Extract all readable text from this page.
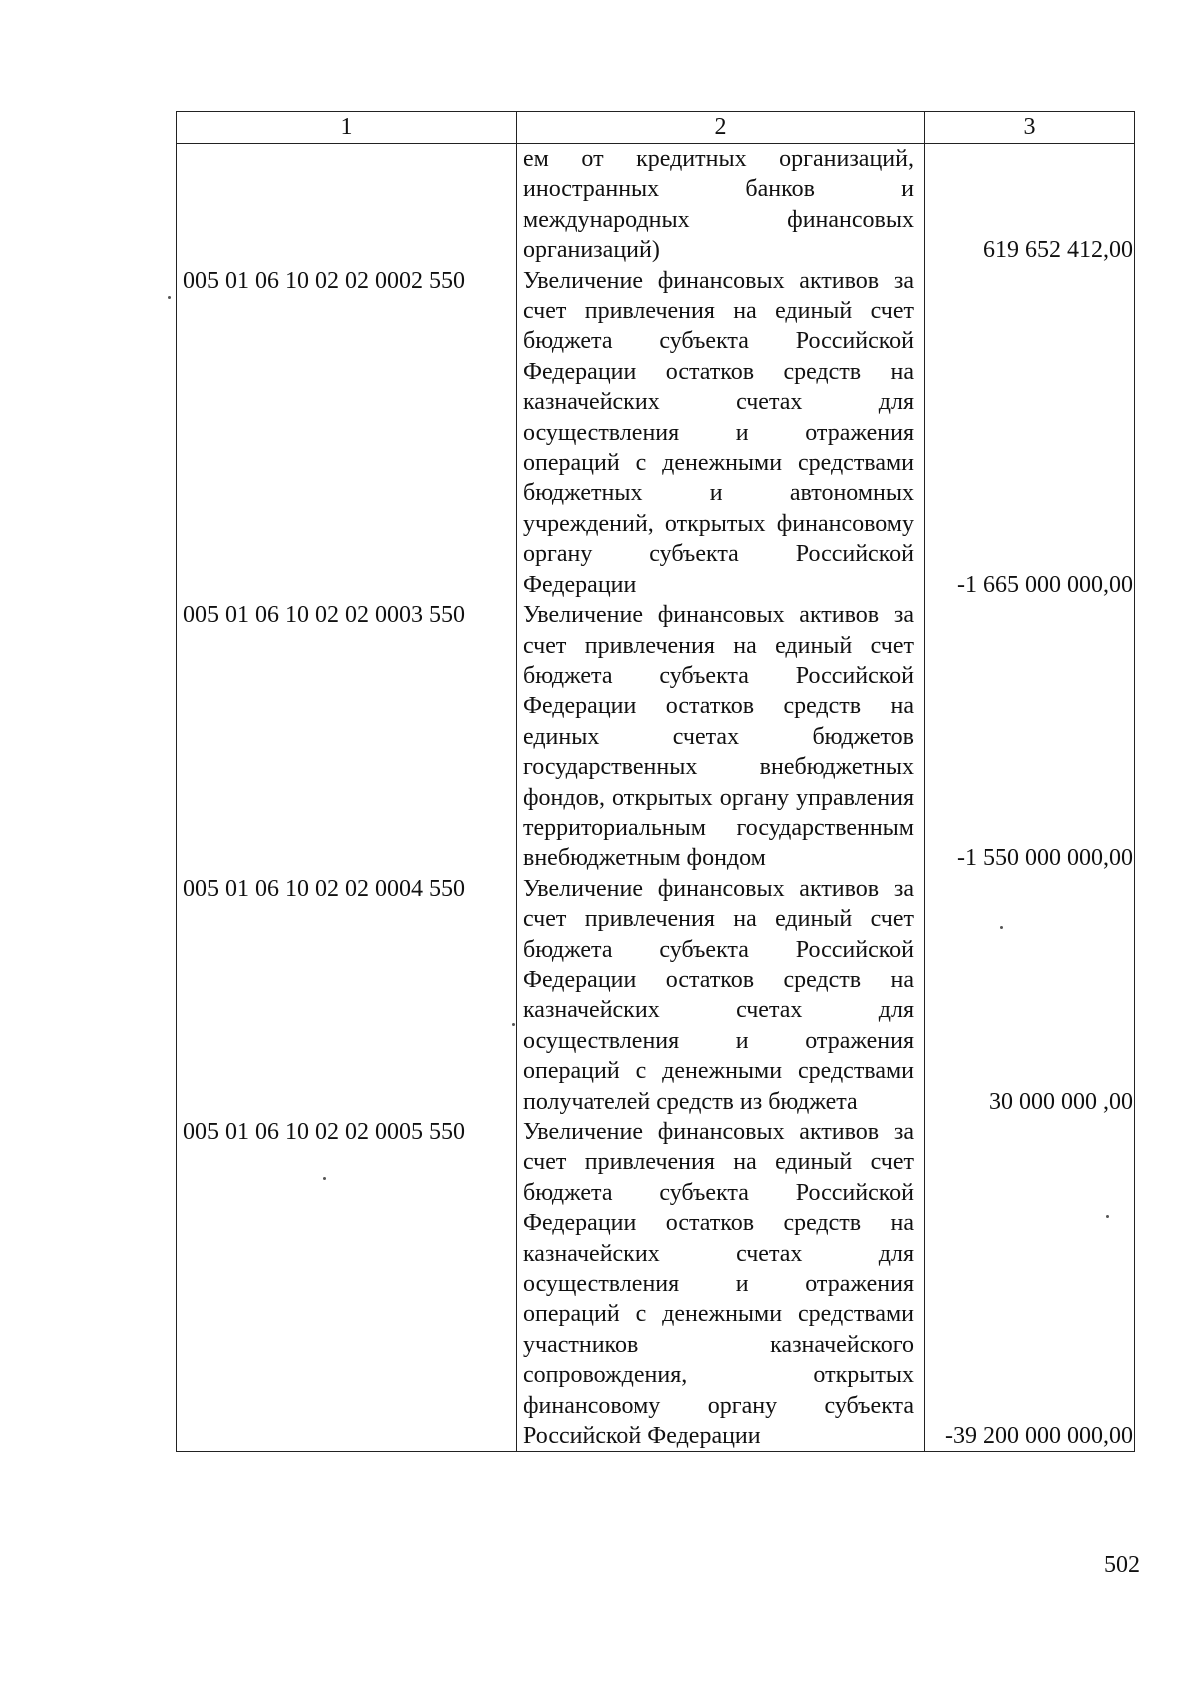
1	2	3
	ем от кредитных организаций, иностранных банков и международных финансовых организаций)	619 652 412,00
005 01 06 10 02 02 0002 550	Увеличение финансовых активов за счет привлечения на единый счет бюджета субъекта Российской Федерации остатков средств на казначейских счетах для осуществления и отражения операций с денежными средствами бюджетных и автономных учреждений, открытых финансовому органу субъекта Российской Федерации	-1 665 000 000,00
005 01 06 10 02 02 0003 550	Увеличение финансовых активов за счет привлечения на единый счет бюджета субъекта Российской Федерации остатков средств на единых счетах бюджетов государственных внебюджетных фондов, открытых органу управления территориальным государственным внебюджетным фондом	-1 550 000 000,00
005 01 06 10 02 02 0004 550	Увеличение финансовых активов за счет привлечения на единый счет бюджета субъекта Российской Федерации остатков средств на казначейских счетах для осуществления и отражения операций с денежными средствами получателей средств из бюджета	30 000 000 ,00
005 01 06 10 02 02 0005 550	Увеличение финансовых активов за счет привлечения на единый счет бюджета субъекта Российской Федерации остатков средств на казначейских счетах для осуществления и отражения операций с денежными средствами участников казначейского сопровождения, открытых финансовому органу субъекта Российской Федерации	-39 200 000 000,00
502
